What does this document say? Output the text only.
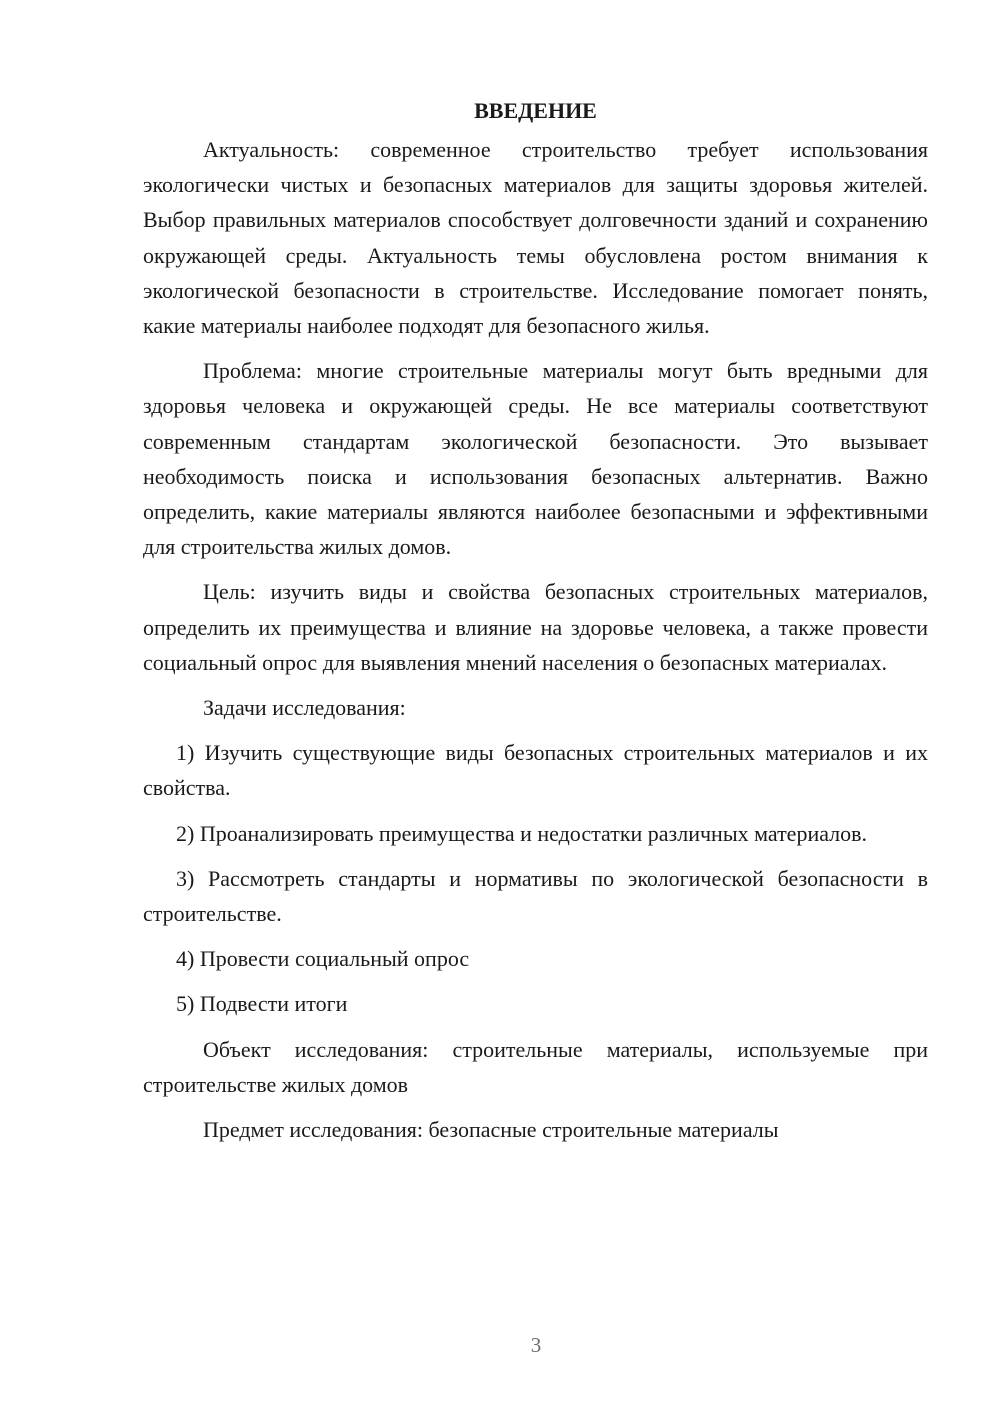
ВВЕДЕНИЕ

Актуальность: современное строительство требует использования экологически чистых и безопасных материалов для защиты здоровья жителей. Выбор правильных материалов способствует долговечности зданий и сохранению окружающей среды. Актуальность темы обусловлена ростом внимания к экологической безопасности в строительстве. Исследование помогает понять, какие материалы наиболее подходят для безопасного жилья.

Проблема: многие строительные материалы могут быть вредными для здоровья человека и окружающей среды. Не все материалы соответствуют современным стандартам экологической безопасности. Это вызывает необходимость поиска и использования безопасных альтернатив. Важно определить, какие материалы являются наиболее безопасными и эффективными для строительства жилых домов.

Цель: изучить виды и свойства безопасных строительных материалов, определить их преимущества и влияние на здоровье человека, а также провести социальный опрос для выявления мнений населения о безопасных материалах.

Задачи исследования:

1) Изучить существующие виды безопасных строительных материалов и их свойства.

2) Проанализировать преимущества и недостатки различных материалов.

3) Рассмотреть стандарты и нормативы по экологической безопасности в строительстве.

4) Провести социальный опрос

5) Подвести итоги

Объект исследования: строительные материалы, используемые при строительстве жилых домов

Предмет исследования: безопасные строительные материалы

3
